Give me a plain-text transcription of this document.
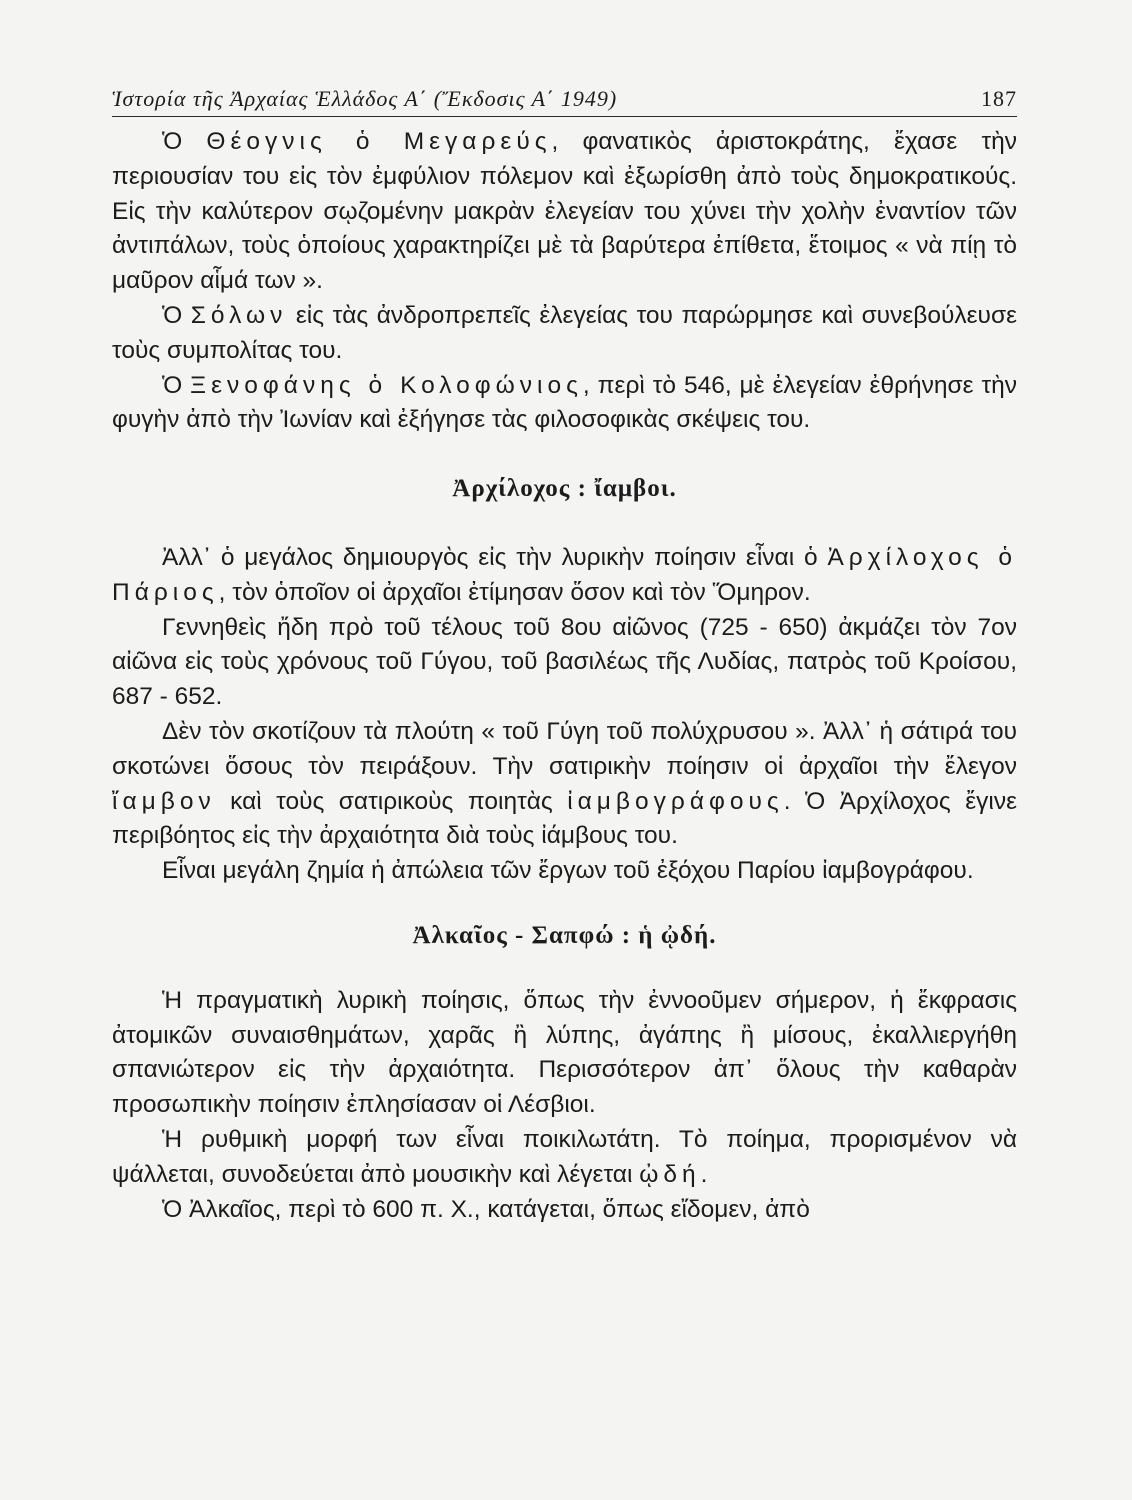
Ἱστορία τῆς Ἀρχαίας Ἑλλάδος Α΄ (Ἔκδοσις Α΄ 1949)	187

Ὁ Θέογνις ὁ Μεγαρεύς, φανατικὸς ἀριστοκράτης, ἔχασε τὴν περιουσίαν του εἰς τὸν ἐμφύλιον πόλεμον καὶ ἐξωρίσθη ἀπὸ τοὺς δημοκρατικούς. Εἰς τὴν καλύτερον σῳζομένην μακρὰν ἐλεγείαν του χύνει τὴν χολὴν ἐναντίον τῶν ἀντιπάλων, τοὺς ὁποίους χαρακτηρίζει μὲ τὰ βαρύτερα ἐπίθετα, ἕτοιμος « νὰ πίῃ τὸ μαῦρον αἷμά των ».

Ὁ Σόλων εἰς τὰς ἀνδροπρεπεῖς ἐλεγείας του παρώρμησε καὶ συνεβούλευσε τοὺς συμπολίτας του.

Ὁ Ξενοφάνης ὁ Κολοφώνιος, περὶ τὸ 546, μὲ ἐλεγείαν ἐθρήνησε τὴν φυγὴν ἀπὸ τὴν Ἰωνίαν καὶ ἐξήγησε τὰς φιλοσοφικὰς σκέψεις του.

Ἀρχίλοχος : ἴαμβοι.

Ἀλλ᾽ ὁ μεγάλος δημιουργὸς εἰς τὴν λυρικὴν ποίησιν εἶναι ὁ Ἀρχίλοχος ὁ Πάριος, τὸν ὁποῖον οἱ ἀρχαῖοι ἐτίμησαν ὅσον καὶ τὸν Ὅμηρον.

Γεννηθεὶς ἤδη πρὸ τοῦ τέλους τοῦ 8ου αἰῶνος (725 - 650) ἀκμάζει τὸν 7ον αἰῶνα εἰς τοὺς χρόνους τοῦ Γύγου, τοῦ βασιλέως τῆς Λυδίας, πατρὸς τοῦ Κροίσου, 687 - 652.

Δὲν τὸν σκοτίζουν τὰ πλούτη « τοῦ Γύγη τοῦ πολύχρυσου ». Ἀλλ᾽ ἡ σάτιρά του σκοτώνει ὅσους τὸν πειράξουν. Τὴν σατιρικὴν ποίησιν οἱ ἀρχαῖοι τὴν ἔλεγον ἴαμβον καὶ τοὺς σατιρικοὺς ποιητὰς ἰαμβογράφους. Ὁ Ἀρχίλοχος ἔγινε περιβόητος εἰς τὴν ἀρχαιότητα διὰ τοὺς ἰάμβους του.

Εἶναι μεγάλη ζημία ἡ ἀπώλεια τῶν ἔργων τοῦ ἐξόχου Παρίου ἰαμβογράφου.

Ἀλκαῖος - Σαπφώ : ἡ ᾠδή.

Ἡ πραγματικὴ λυρικὴ ποίησις, ὅπως τὴν ἐννοοῦμεν σήμερον, ἡ ἔκφρασις ἀτομικῶν συναισθημάτων, χαρᾶς ἢ λύπης, ἀγάπης ἢ μίσους, ἐκαλλιεργήθη σπανιώτερον εἰς τὴν ἀρχαιότητα. Περισσότερον ἀπ᾽ ὅλους τὴν καθαρὰν προσωπικὴν ποίησιν ἐπλησίασαν οἱ Λέσβιοι.

Ἡ ρυθμικὴ μορφή των εἶναι ποικιλωτάτη. Τὸ ποίημα, προρισμένον νὰ ψάλλεται, συνοδεύεται ἀπὸ μουσικὴν καὶ λέγεται ᾠδή.

Ὁ Ἀλκαῖος, περὶ τὸ 600 π. Χ., κατάγεται, ὅπως εἴδομεν, ἀπὸ
